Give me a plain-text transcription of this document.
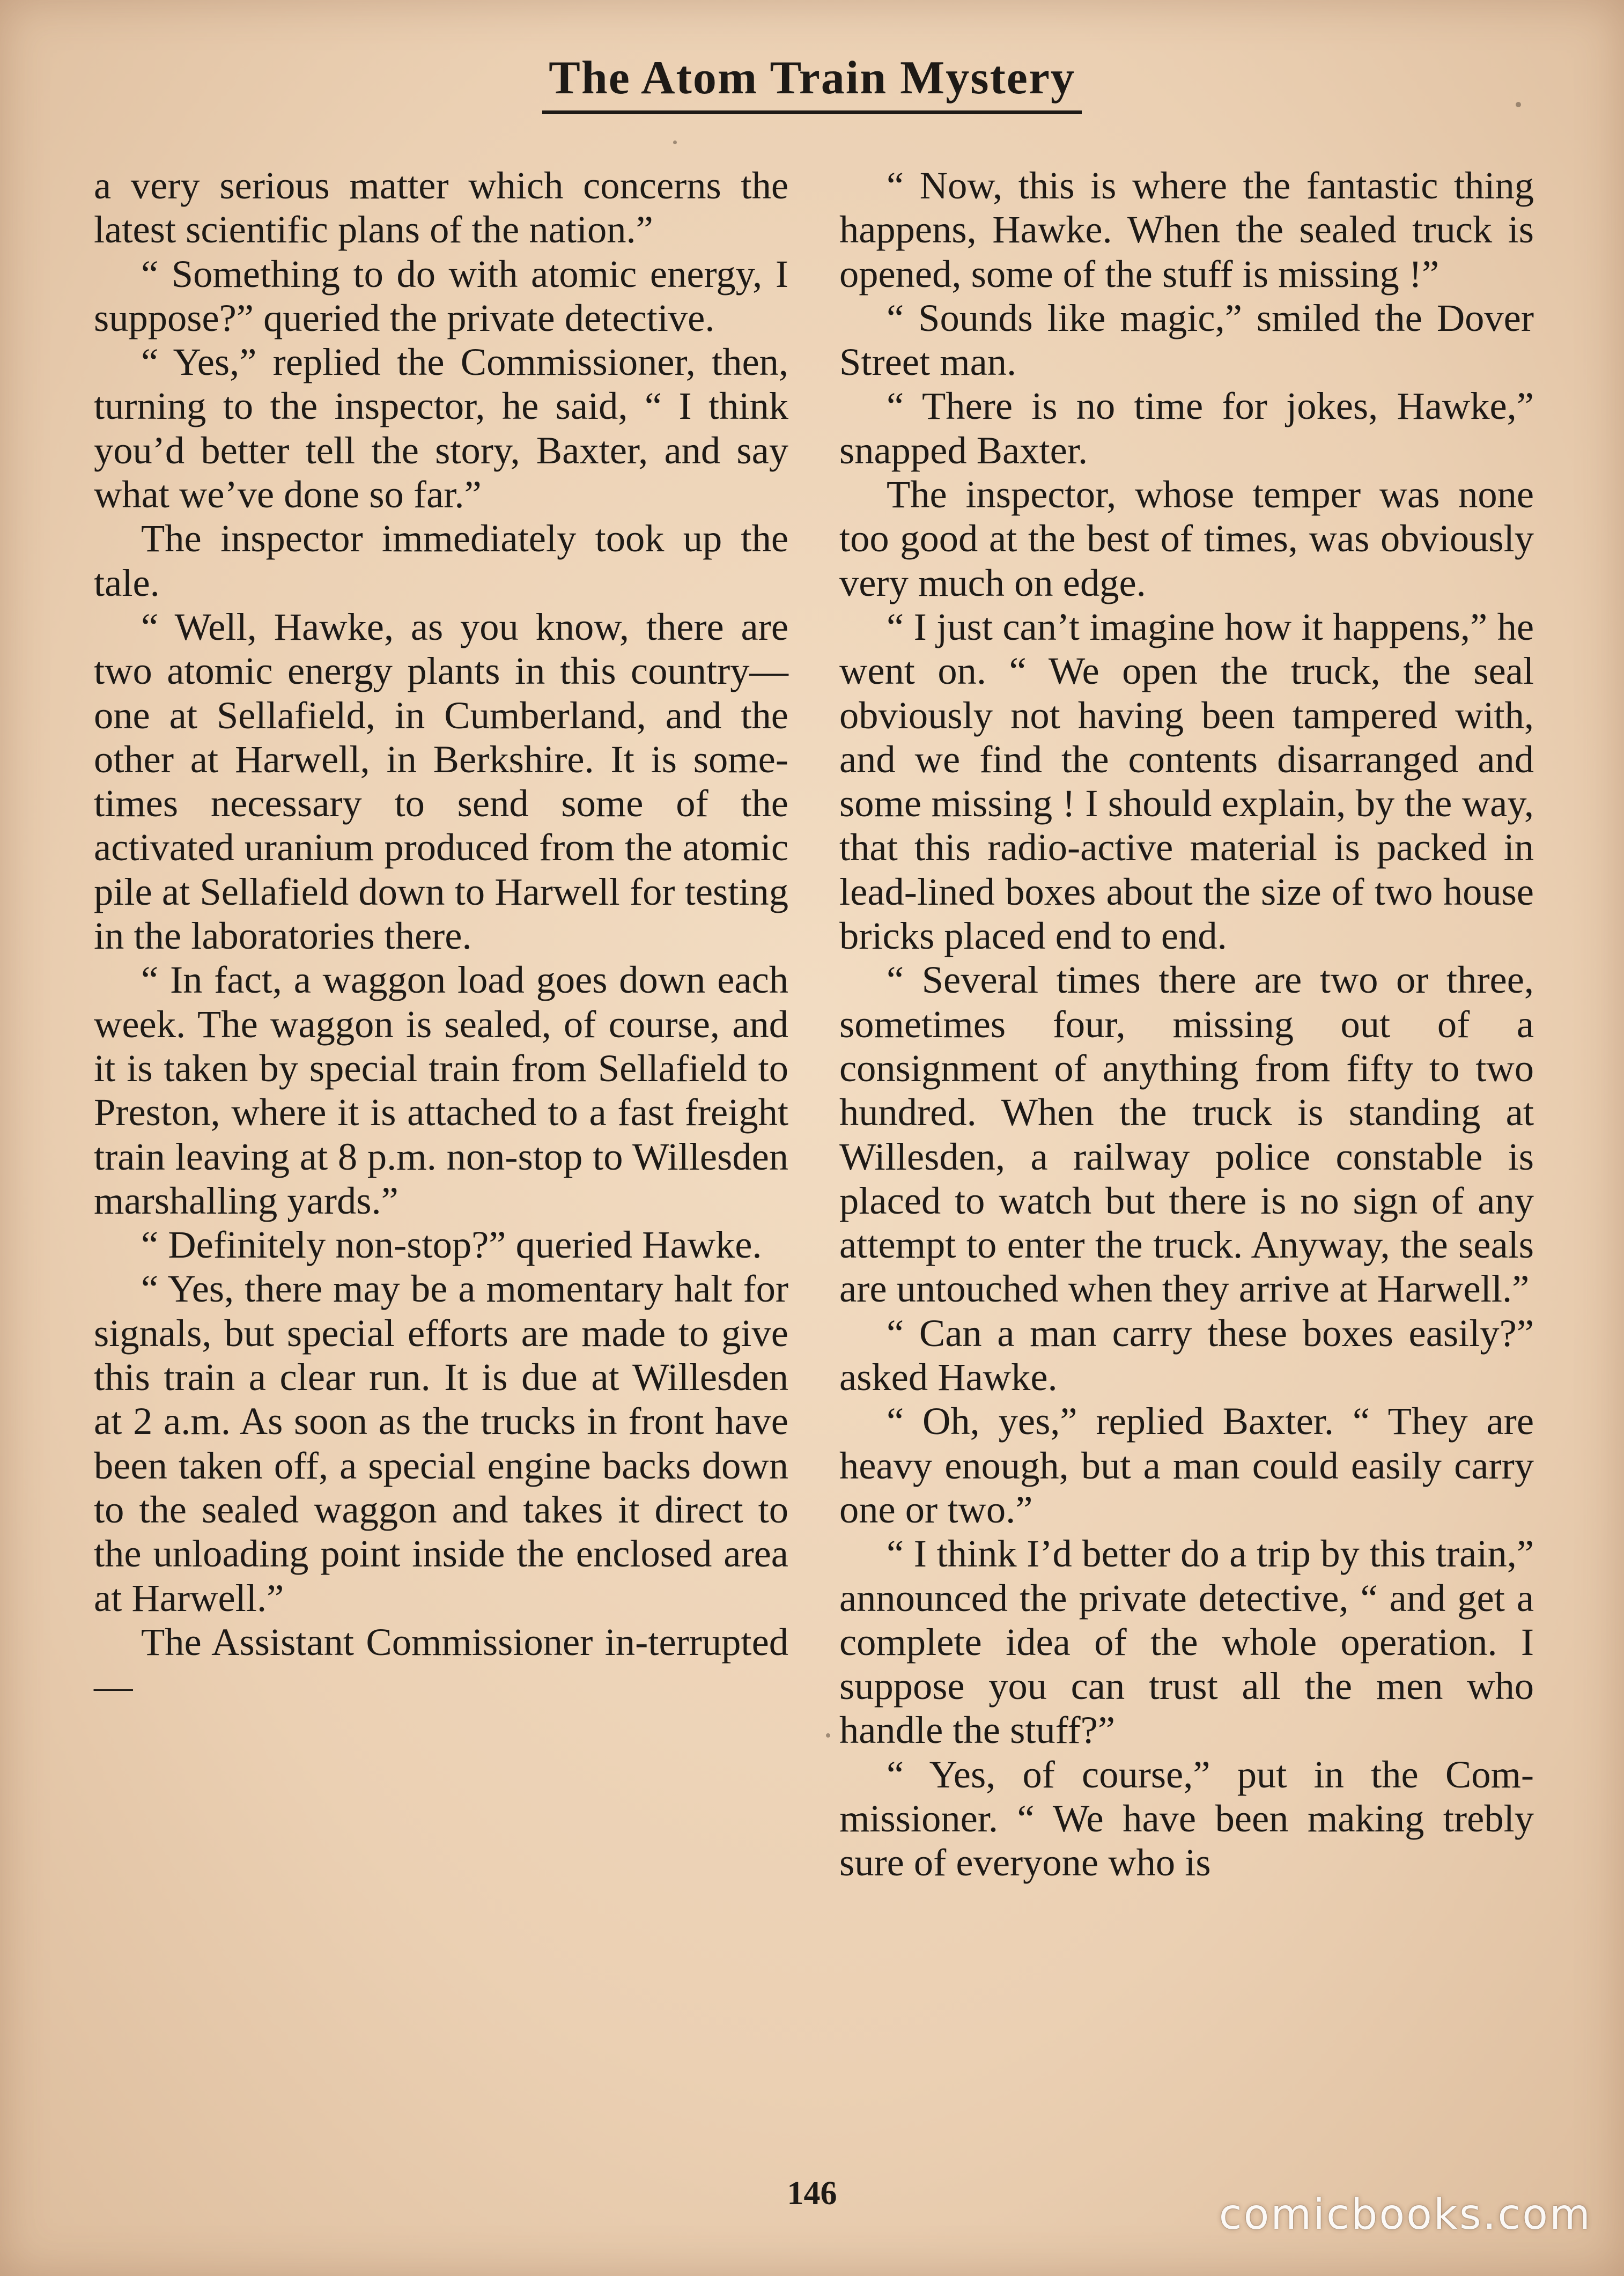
The Atom Train Mystery

a very serious matter which concerns the latest scientific plans of the nation.”

“ Something to do with atomic energy, I suppose?” queried the private detective.

“ Yes,” replied the Commissioner, then, turning to the inspector, he said, “ I think you’d better tell the story, Baxter, and say what we’ve done so far.”

The inspector immediately took up the tale.

“ Well, Hawke, as you know, there are two atomic energy plants in this country—one at Sellafield, in Cumberland, and the other at Harwell, in Berkshire. It is some-times necessary to send some of the activated uranium produced from the atomic pile at Sellafield down to Harwell for testing in the laboratories there.

“ In fact, a waggon load goes down each week. The waggon is sealed, of course, and it is taken by special train from Sellafield to Preston, where it is attached to a fast freight train leaving at 8 p.m. non-stop to Willesden marshalling yards.”

“ Definitely non-stop?” queried Hawke.

“ Yes, there may be a momentary halt for signals, but special efforts are made to give this train a clear run. It is due at Willesden at 2 a.m. As soon as the trucks in front have been taken off, a special engine backs down to the sealed waggon and takes it direct to the unloading point inside the enclosed area at Harwell.”

The Assistant Commissioner in-terrupted—

“ Now, this is where the fantastic thing happens, Hawke. When the sealed truck is opened, some of the stuff is missing !”

“ Sounds like magic,” smiled the Dover Street man.

“ There is no time for jokes, Hawke,” snapped Baxter.

The inspector, whose temper was none too good at the best of times, was obviously very much on edge.

“ I just can’t imagine how it happens,” he went on. “ We open the truck, the seal obviously not having been tampered with, and we find the contents disarranged and some missing ! I should explain, by the way, that this radio-active material is packed in lead-lined boxes about the size of two house bricks placed end to end.

“ Several times there are two or three, sometimes four, missing out of a consignment of anything from fifty to two hundred. When the truck is standing at Willesden, a railway police constable is placed to watch but there is no sign of any attempt to enter the truck. Anyway, the seals are untouched when they arrive at Harwell.”

“ Can a man carry these boxes easily?” asked Hawke.

“ Oh, yes,” replied Baxter. “ They are heavy enough, but a man could easily carry one or two.”

“ I think I’d better do a trip by this train,” announced the private detective, “ and get a complete idea of the whole operation. I suppose you can trust all the men who handle the stuff?”

“ Yes, of course,” put in the Com-missioner. “ We have been making trebly sure of everyone who is

146	comicbooks.com
